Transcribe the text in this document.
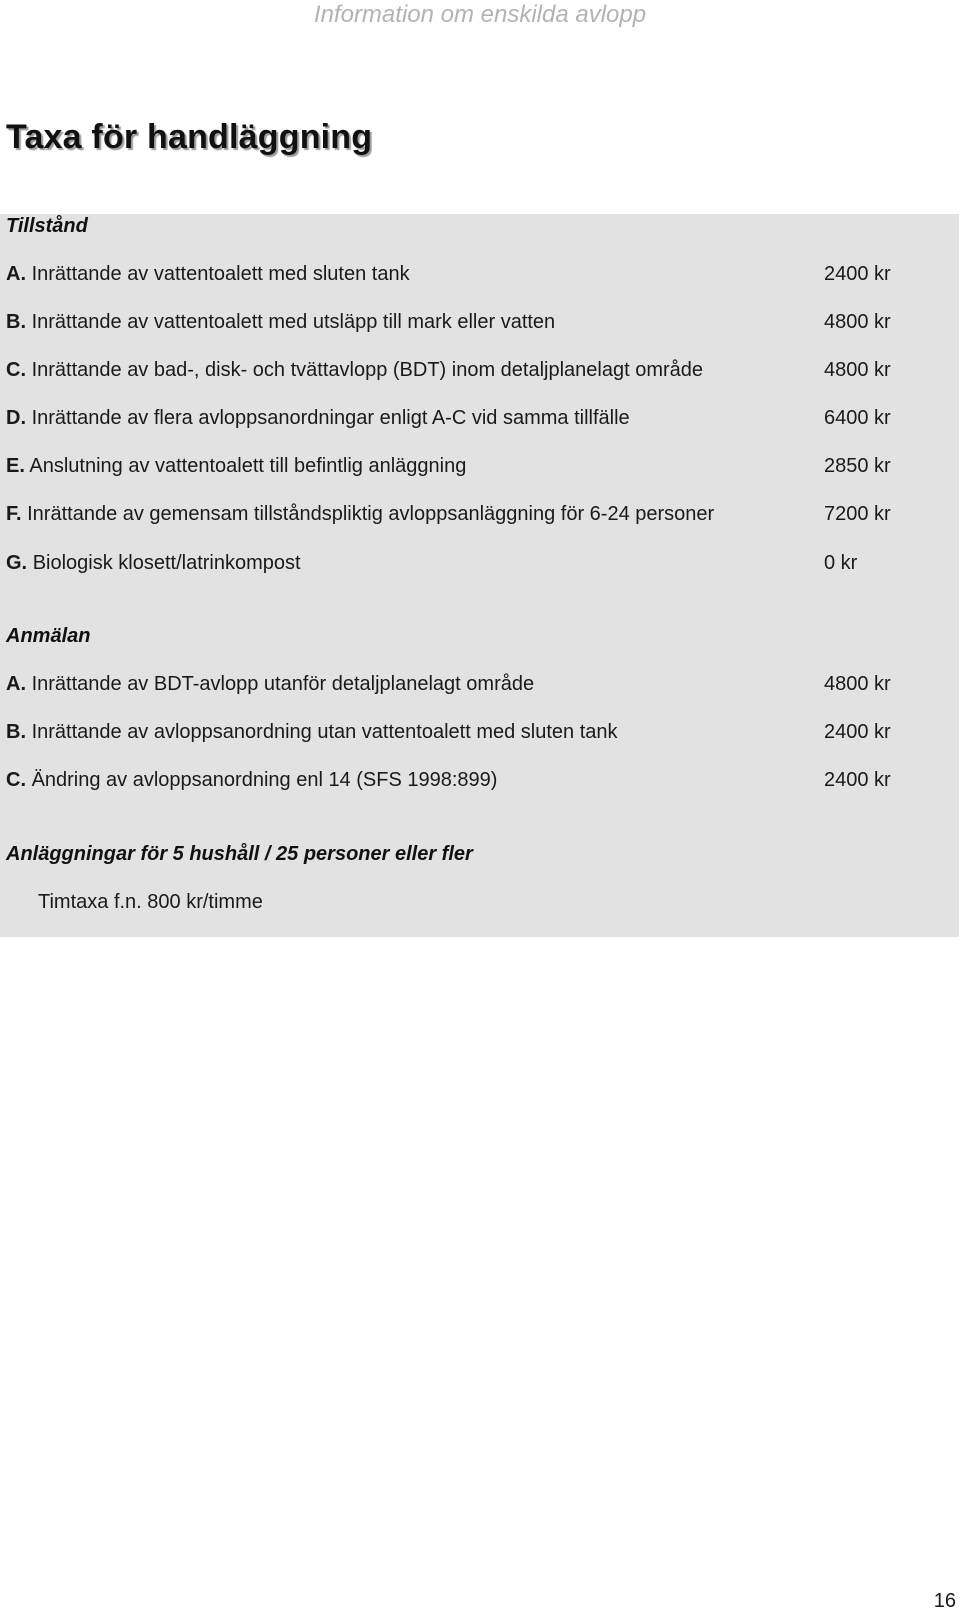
Information om enskilda avlopp
Taxa för handläggning
Tillstånd
A. Inrättande av vattentoalett med sluten tank	2400 kr
B. Inrättande av vattentoalett med utsläpp till mark eller vatten	4800 kr
C. Inrättande av bad-, disk- och tvättavlopp (BDT) inom detaljplanelagt område	4800 kr
D. Inrättande av flera avloppsanordningar enligt A-C vid samma tillfälle	6400 kr
E. Anslutning av vattentoalett till befintlig anläggning	2850 kr
F. Inrättande av gemensam tillståndspliktig avloppsanläggning för 6-24 personer	7200 kr
G. Biologisk klosett/latrinkompost	0 kr
Anmälan
A. Inrättande av BDT-avlopp utanför detaljplanelagt område	4800 kr
B. Inrättande av avloppsanordning utan vattentoalett med sluten tank	2400 kr
C. Ändring av avloppsanordning enl 14 (SFS 1998:899)	2400 kr
Anläggningar för 5 hushåll / 25 personer eller fler
Timtaxa f.n. 800 kr/timme
16
